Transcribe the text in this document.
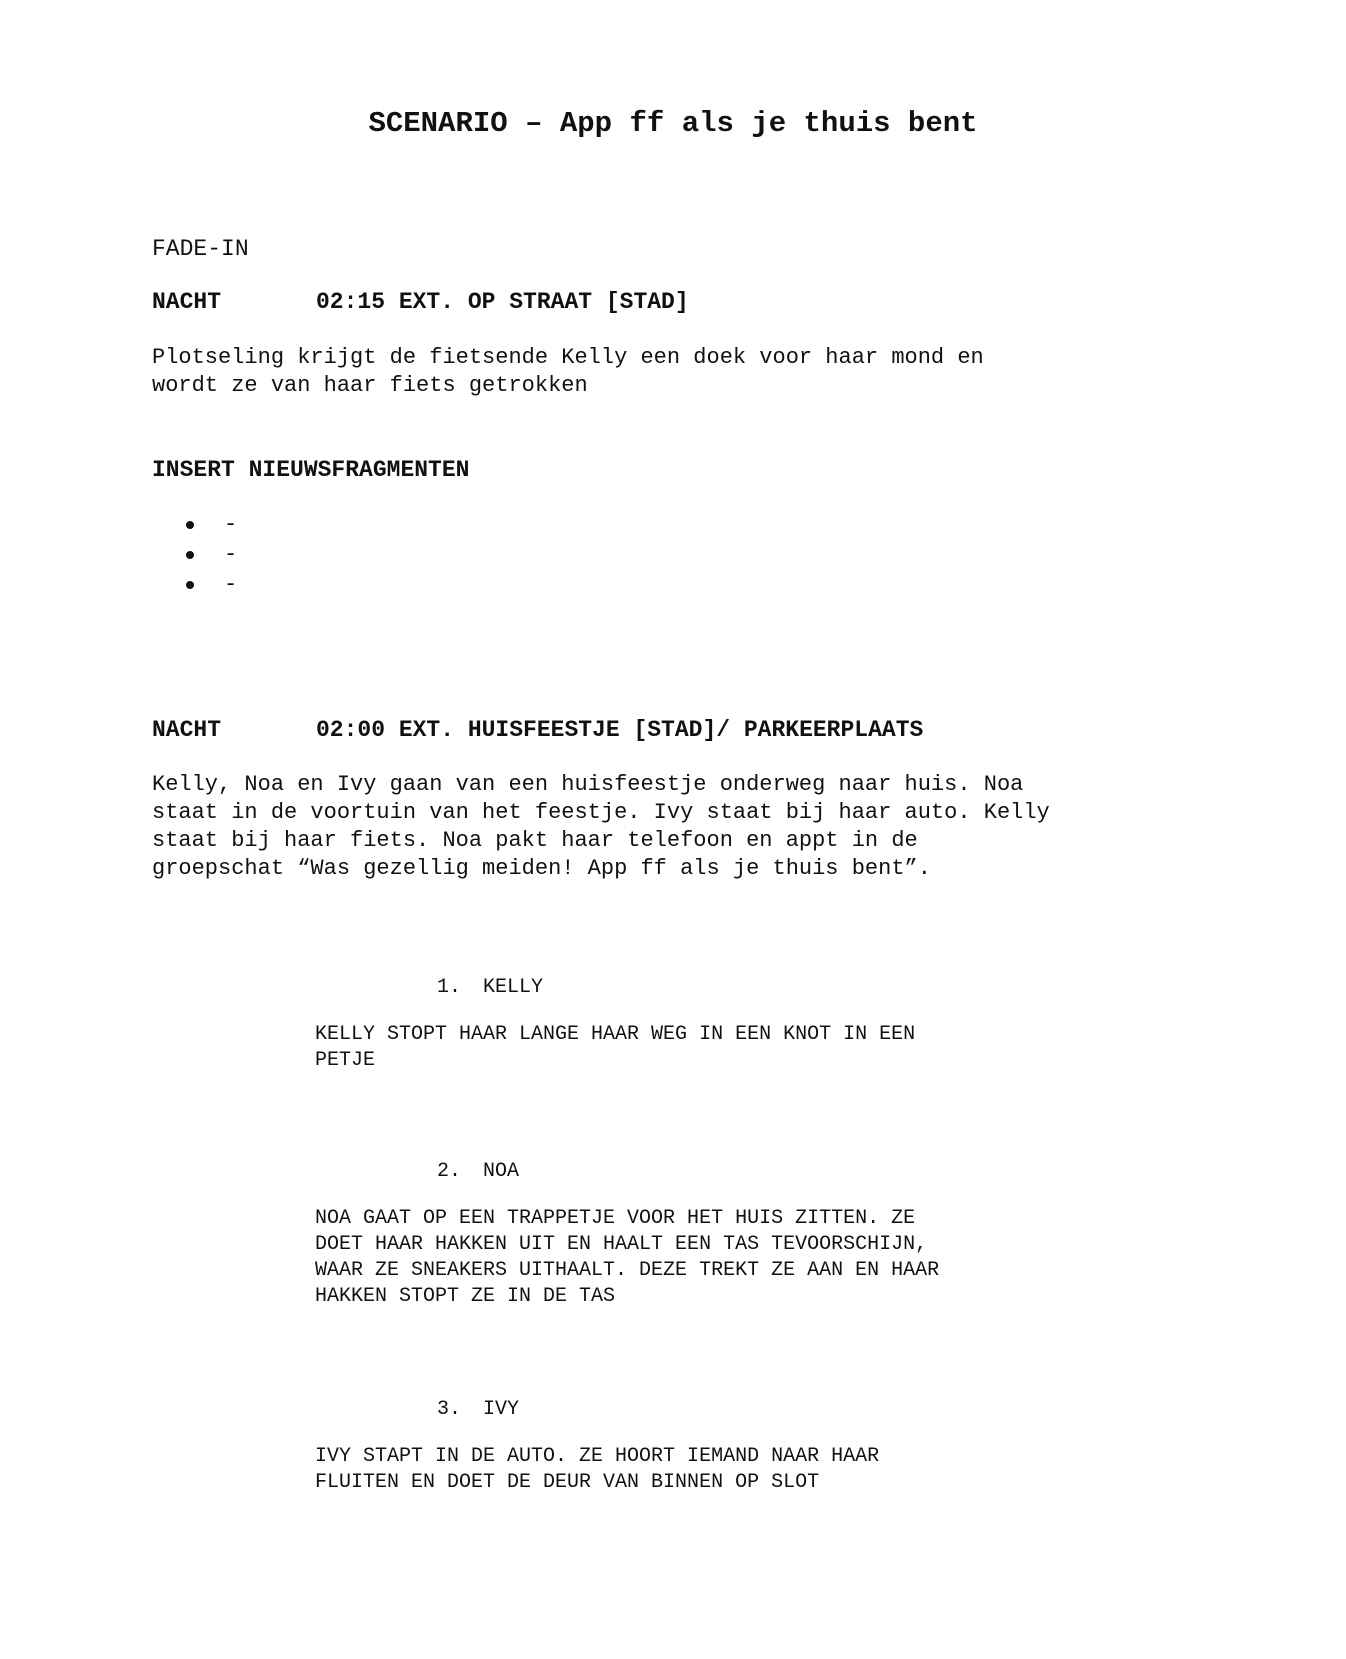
SCENARIO – App ff als je thuis bent
FADE-IN
NACHT	02:15 EXT. OP STRAAT [STAD]
Plotseling krijgt de fietsende Kelly een doek voor haar mond en
wordt ze van haar fiets getrokken
INSERT NIEUWSFRAGMENTEN
-
-
-
NACHT	02:00 EXT. HUISFEESTJE [STAD]/ PARKEERPLAATS
Kelly, Noa en Ivy gaan van een huisfeestje onderweg naar huis. Noa
staat in de voortuin van het feestje. Ivy staat bij haar auto. Kelly
staat bij haar fiets. Noa pakt haar telefoon en appt in de
groepschat “Was gezellig meiden! App ff als je thuis bent”.
1. KELLY
KELLY STOPT HAAR LANGE HAAR WEG IN EEN KNOT IN EEN
PETJE
2. NOA
NOA GAAT OP EEN TRAPPETJE VOOR HET HUIS ZITTEN. ZE
DOET HAAR HAKKEN UIT EN HAALT EEN TAS TEVOORSCHIJN,
WAAR ZE SNEAKERS UITHAALT. DEZE TREKT ZE AAN EN HAAR
HAKKEN STOPT ZE IN DE TAS
3. IVY
IVY STAPT IN DE AUTO. ZE HOORT IEMAND NAAR HAAR
FLUITEN EN DOET DE DEUR VAN BINNEN OP SLOT
